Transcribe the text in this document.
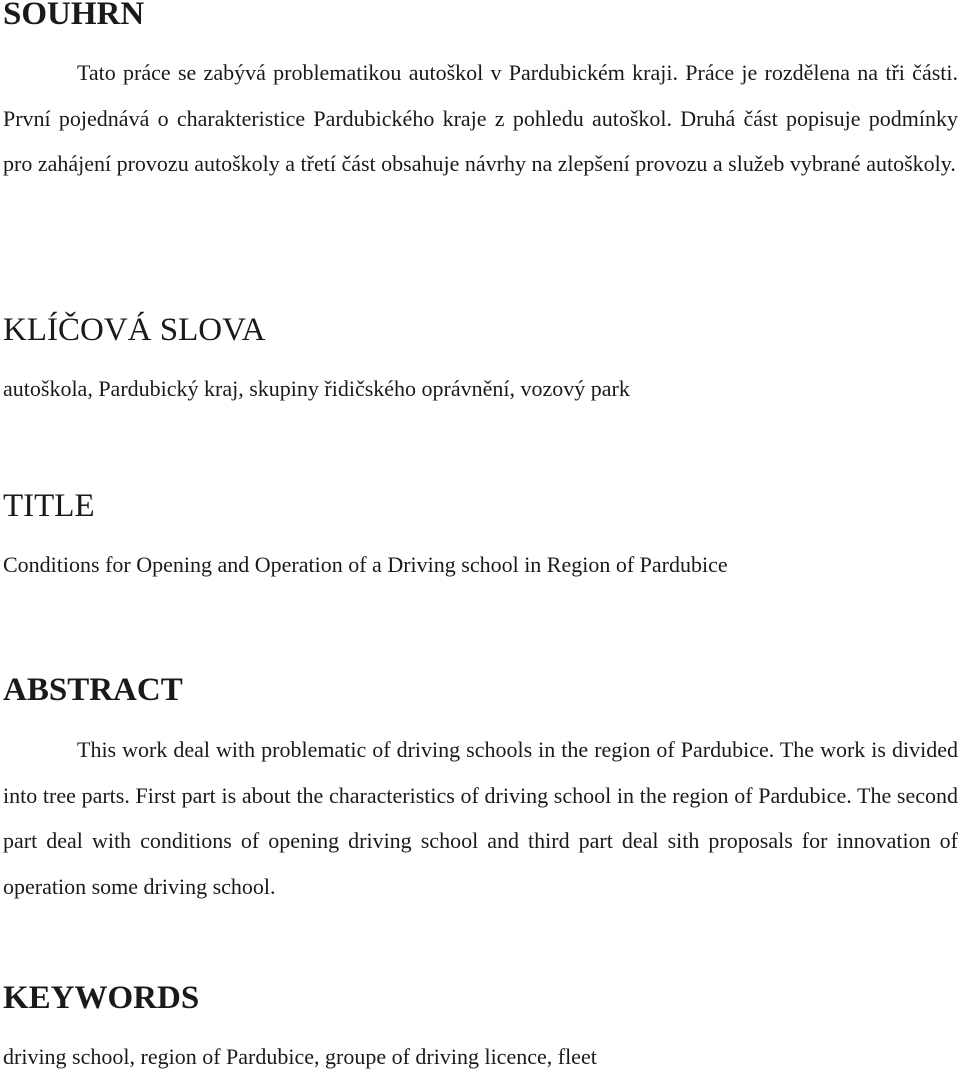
SOUHRN

Tato práce se zabývá problematikou autoškol v Pardubickém kraji. Práce je rozdělena na tři části. První pojednává o charakteristice Pardubického kraje z pohledu autoškol. Druhá část popisuje podmínky pro zahájení provozu autoškoly a třetí část obsahuje návrhy na zlepšení provozu a služeb vybrané autoškoly.

KLÍČOVÁ SLOVA

autoškola, Pardubický kraj, skupiny řidičského oprávnění, vozový park

TITLE

Conditions for Opening and Operation of a Driving school in Region of Pardubice

ABSTRACT

This work deal with problematic of driving schools in the region of Pardubice. The work is divided into tree parts. First part is about the characteristics of driving school in the region of Pardubice. The second part deal with conditions of opening driving school and third part deal sith proposals for innovation of operation some driving school.

KEYWORDS

driving school, region of Pardubice, groupe of driving licence, fleet
